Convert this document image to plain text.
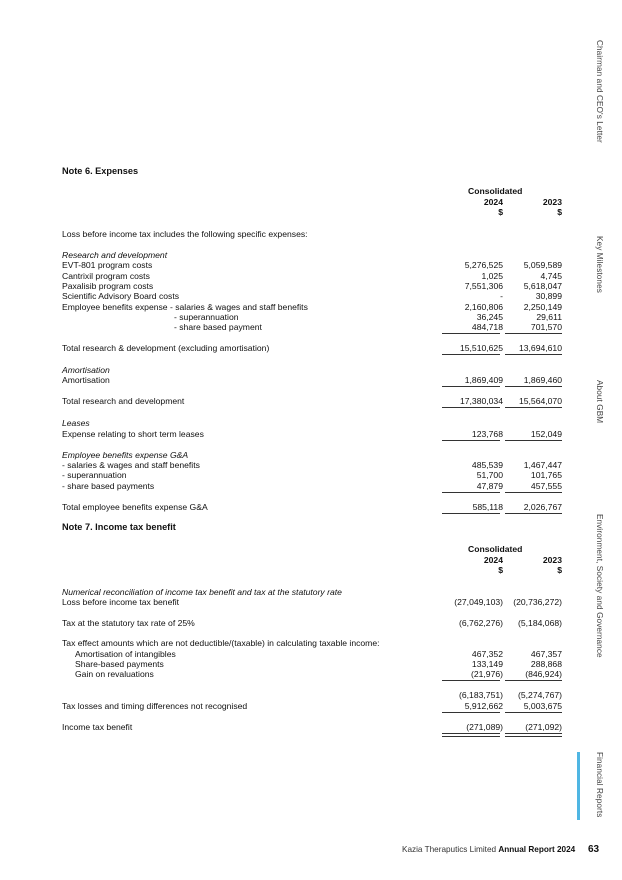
Chairman and CEO's Letter
Key Milestones
About GBM
Environment, Society and Governance
Financial Reports
Note 6. Expenses
Consolidated
2024	2023
$	$
Loss before income tax includes the following specific expenses:
Research and development
EVT-801 program costs	5,276,525	5,059,589
Cantrixil program costs	1,025	4,745
Paxalisib program costs	7,551,306	5,618,047
Scientific Advisory Board costs	-	30,899
Employee benefits expense - salaries & wages and staff benefits	2,160,806	2,250,149
- superannuation	36,245	29,611
- share based payment	484,718	701,570
Total research & development (excluding amortisation)	15,510,625	13,694,610
Amortisation
Amortisation	1,869,409	1,869,460
Total research and development	17,380,034	15,564,070
Leases
Expense relating to short term leases	123,768	152,049
Employee benefits expense G&A
- salaries & wages and staff benefits	485,539	1,467,447
- superannuation	51,700	101,765
- share based payments	47,879	457,555
Total employee benefits expense G&A	585,118	2,026,767
Note 7. Income tax benefit
Consolidated
2024	2023
$	$
Numerical reconciliation of income tax benefit and tax at the statutory rate
Loss before income tax benefit	(27,049,103)	(20,736,272)
Tax at the statutory tax rate of 25%	(6,762,276)	(5,184,068)
Tax effect amounts which are not deductible/(taxable) in calculating taxable income:
Amortisation of intangibles	467,352	467,357
Share-based payments	133,149	288,868
Gain on revaluations	(21,976)	(846,924)
(6,183,751)	(5,274,767)
Tax losses and timing differences not recognised	5,912,662	5,003,675
Income tax benefit	(271,089)	(271,092)
Kazia Theraputics Limited Annual Report 2024 63
